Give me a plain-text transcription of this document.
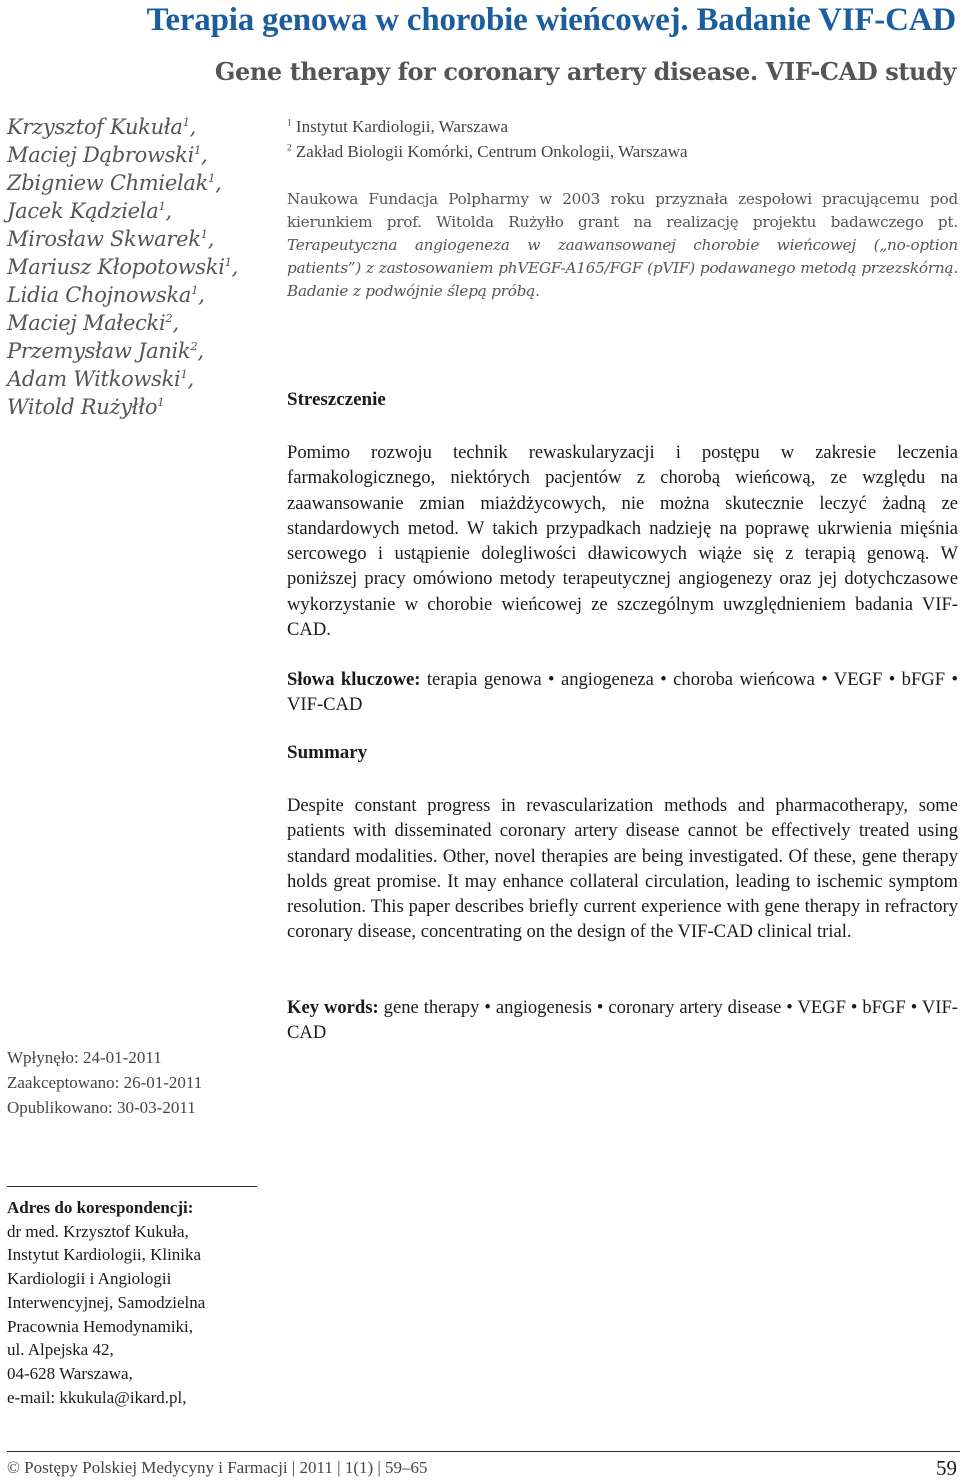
Terapia genowa w chorobie wieńcowej. Badanie VIF-CAD
Gene therapy for coronary artery disease. VIF-CAD study

Krzysztof Kukuła$^1$,
Maciej Dąbrowski$^1$,
Zbigniew Chmielak$^1$,
Jacek Kądziela$^1$,
Mirosław Skwarek$^1$,
Mariusz Kłopotowski$^1$,
Lidia Chojnowska$^1$,
Maciej Małecki$^2$,
Przemysław Janik$^2$,
Adam Witkowski$^1$,
Witold Rużyłło$^1$

$^1$ Instytut Kardiologii, Warszawa
$^2$ Zakład Biologii Komórki, Centrum Onkologii, Warszawa

Naukowa Fundacja Polpharmy w 2003 roku przyznała zespołowi pracującemu pod kierunkiem prof. Witolda Rużyłło grant na realizację projektu badawczego pt. Terapeutyczna angiogeneza w zaawansowanej chorobie wieńcowej („no-option patients”) z zastosowaniem phVEGF-A165/FGF (pVIF) podawanego metodą przezskórną. Badanie z podwójnie ślepą próbą.

Streszczenie

Pomimo rozwoju technik rewaskularyzacji i postępu w zakresie leczenia farmakologicznego, niektórych pacjentów z chorobą wieńcową, ze względu na zaawansowanie zmian miażdżycowych, nie można skutecznie leczyć żadną ze standardowych metod. W takich przypadkach nadzieję na poprawę ukrwienia mięśnia sercowego i ustąpienie dolegliwości dławicowych wiąże się z terapią genową. W poniższej pracy omówiono metody terapeutycznej angiogenezy oraz jej dotychczasowe wykorzystanie w chorobie wieńcowej ze szczególnym uwzględnieniem badania VIF-CAD.

Słowa kluczowe: terapia genowa • angiogeneza • choroba wieńcowa • VEGF • bFGF • VIF-CAD

Summary

Despite constant progress in revascularization methods and pharmacotherapy, some patients with disseminated coronary artery disease cannot be effectively treated using standard modalities. Other, novel therapies are being investigated. Of these, gene therapy holds great promise. It may enhance collateral circulation, leading to ischemic symptom resolution. This paper describes briefly current experience with gene therapy in refractory coronary disease, concentrating on the design of the VIF-CAD clinical trial.

Key words: gene therapy • angiogenesis • coronary artery disease • VEGF • bFGF • VIF-CAD

Wpłynęło: 24-01-2011
Zaakceptowano: 26-01-2011
Opublikowano: 30-03-2011
Adres do korespondencji:
dr med. Krzysztof Kukuła,
Instytut Kardiologii, Klinika
Kardiologii i Angiologii
Interwencyjnej, Samodzielna
Pracownia Hemodynamiki,
ul. Alpejska 42,
04-628 Warszawa,
e-mail: kkukula@ikard.pl,
© Postępy Polskiej Medycyny i Farmacji | 2011 | 1(1) | 59–65	59
